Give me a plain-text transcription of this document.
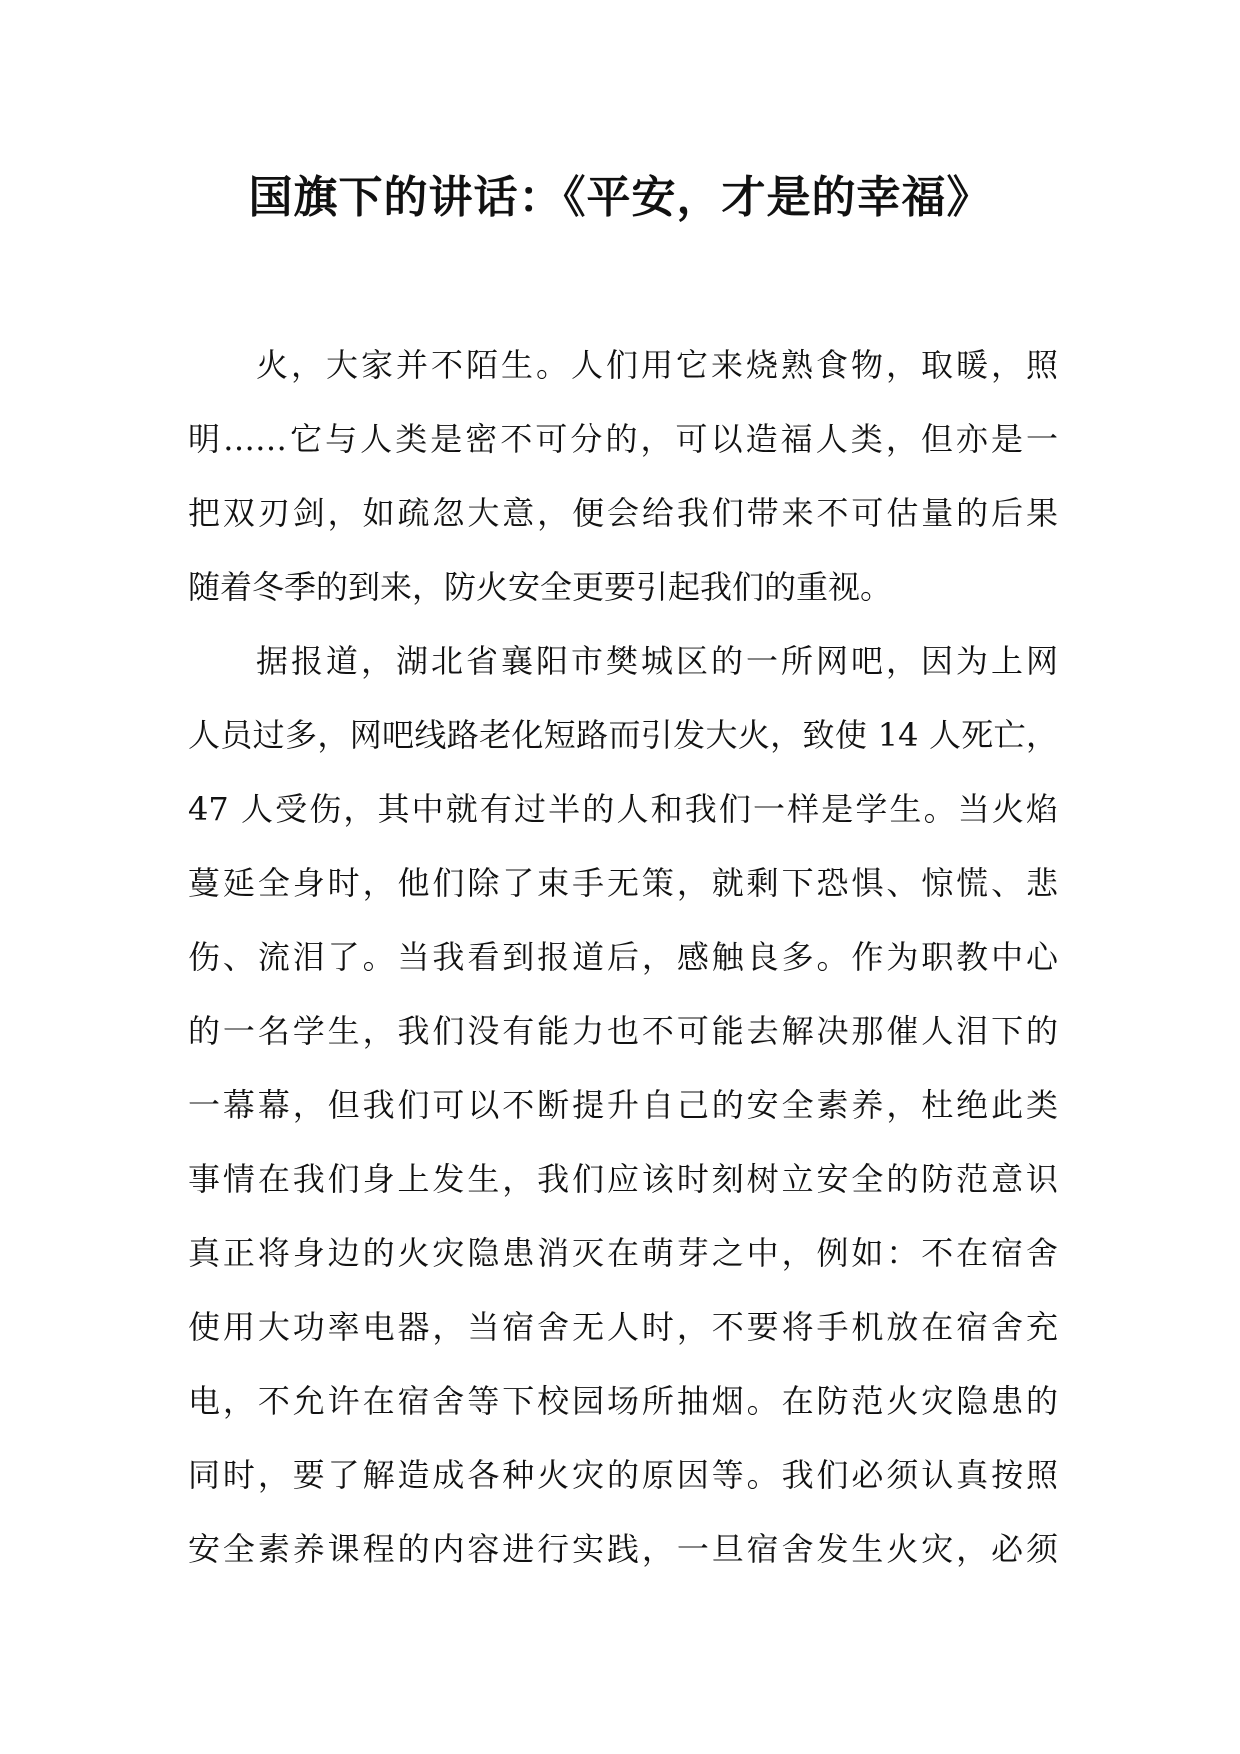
国旗下的讲话：《平安，才是的幸福》

火，大家并不陌生。人们用它来烧熟食物，取暖，照

明……它与人类是密不可分的，可以造福人类，但亦是一

把双刃剑，如疏忽大意，便会给我们带来不可估量的后果

随着冬季的到来，防火安全更要引起我们的重视。

据报道，湖北省襄阳市樊城区的一所网吧，因为上网

人员过多，网吧线路老化短路而引发大火，致使 14 人死亡，

47 人受伤，其中就有过半的人和我们一样是学生。当火焰

蔓延全身时，他们除了束手无策，就剩下恐惧、惊慌、悲

伤、流泪了。当我看到报道后，感触良多。作为职教中心

的一名学生，我们没有能力也不可能去解决那催人泪下的

一幕幕，但我们可以不断提升自己的安全素养，杜绝此类

事情在我们身上发生，我们应该时刻树立安全的防范意识

真正将身边的火灾隐患消灭在萌芽之中，例如：不在宿舍

使用大功率电器，当宿舍无人时，不要将手机放在宿舍充

电，不允许在宿舍等下校园场所抽烟。在防范火灾隐患的

同时，要了解造成各种火灾的原因等。我们必须认真按照

安全素养课程的内容进行实践，一旦宿舍发生火灾，必须
